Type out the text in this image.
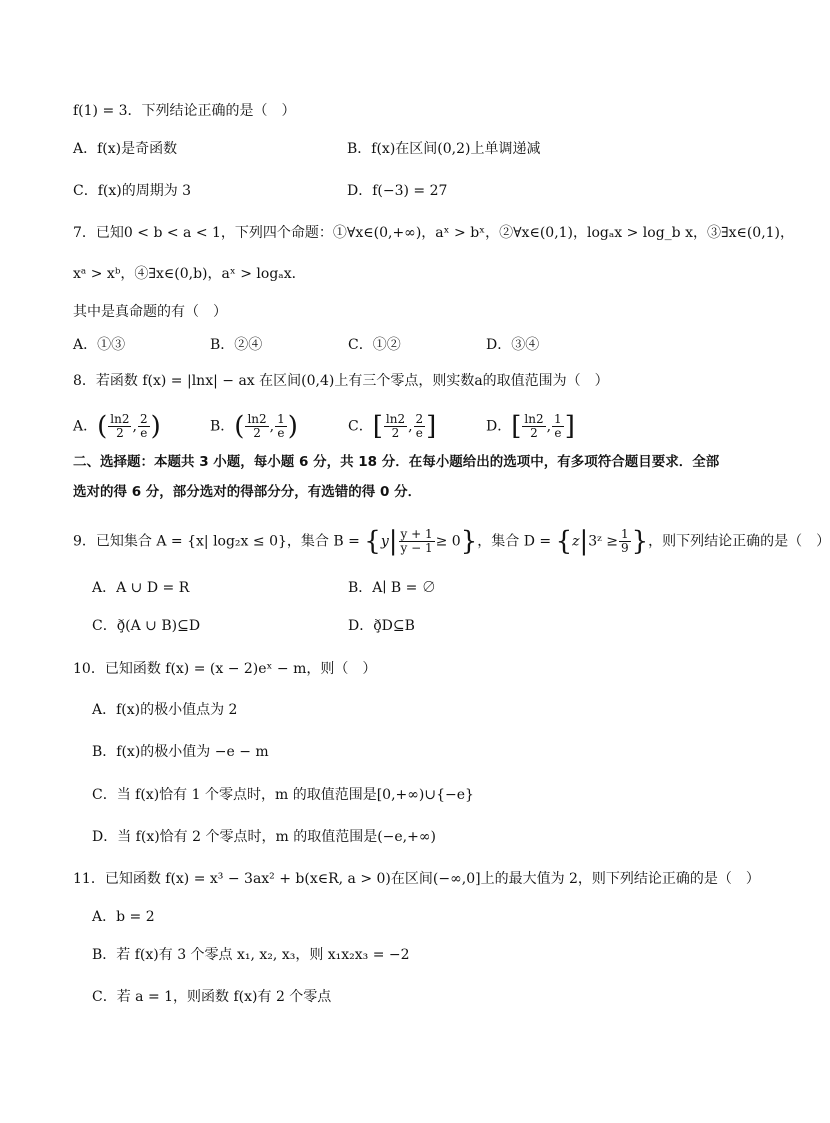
f(1) = 3．下列结论正确的是（　）
A．f(x)是奇函数	B．f(x)在区间(0,2)上单调递减
C．f(x)的周期为 3	D．f(−3) = 27
7．已知0 < b < a < 1，下列四个命题：①∀x∈(0,+∞)，aˣ > bˣ，②∀x∈(0,1)，logₐx > log_b x，③∃x∈(0,1)，
xᵃ > xᵇ，④∃x∈(0,b)，aˣ > logₐx．
其中是真命题的有（　）
A．①③	B．②④	C．①②	D．③④
8．若函数 f(x) = |lnx| − ax 在区间(0,4)上有三个零点，则实数a的取值范围为（　）
A．( $\frac{\ln 2}{2}$ , $\frac{2}{e}$ )	B．( $\frac{\ln 2}{2}$ , $\frac{1}{e}$ )	C．[ $\frac{\ln 2}{2}$ , $\frac{2}{e}$ ]	D．[ $\frac{\ln 2}{2}$ , $\frac{1}{e}$ ]
二、选择题：本题共 3 小题，每小题 6 分，共 18 分．在每小题给出的选项中，有多项符合题目要求．全部
选对的得 6 分，部分选对的得部分分，有选错的得 0 分．
9．已知集合 A = {x| log₂x ≤ 0}，集合 $B = \{y| \frac{y + 1}{y - 1} \ge 0\}$，集合 D = {z|3ᶻ ≥ $\frac{1}{9}$ }，则下列结论正确的是（　）
A．A ∪ D = R	B．A∣ B = ∅
C．ð̧(A ∪ B)⊆D	D．ð̧D⊆B
10．已知函数 f(x) = (x − 2)eˣ − m，则（　）
A．f(x)的极小值点为 2
B．f(x)的极小值为 −e − m
C．当 f(x)恰有 1 个零点时，m 的取值范围是[0,+∞)∪{−e}
D．当 f(x)恰有 2 个零点时，m 的取值范围是(−e,+∞)
11．已知函数 f(x) = x³ − 3ax² + b(x∈R, a > 0)在区间(−∞,0]上的最大值为 2，则下列结论正确的是（　）
A．b = 2
B．若 f(x)有 3 个零点 x₁, x₂, x₃，则 x₁x₂x₃ = −2
C．若 a = 1，则函数 f(x)有 2 个零点
